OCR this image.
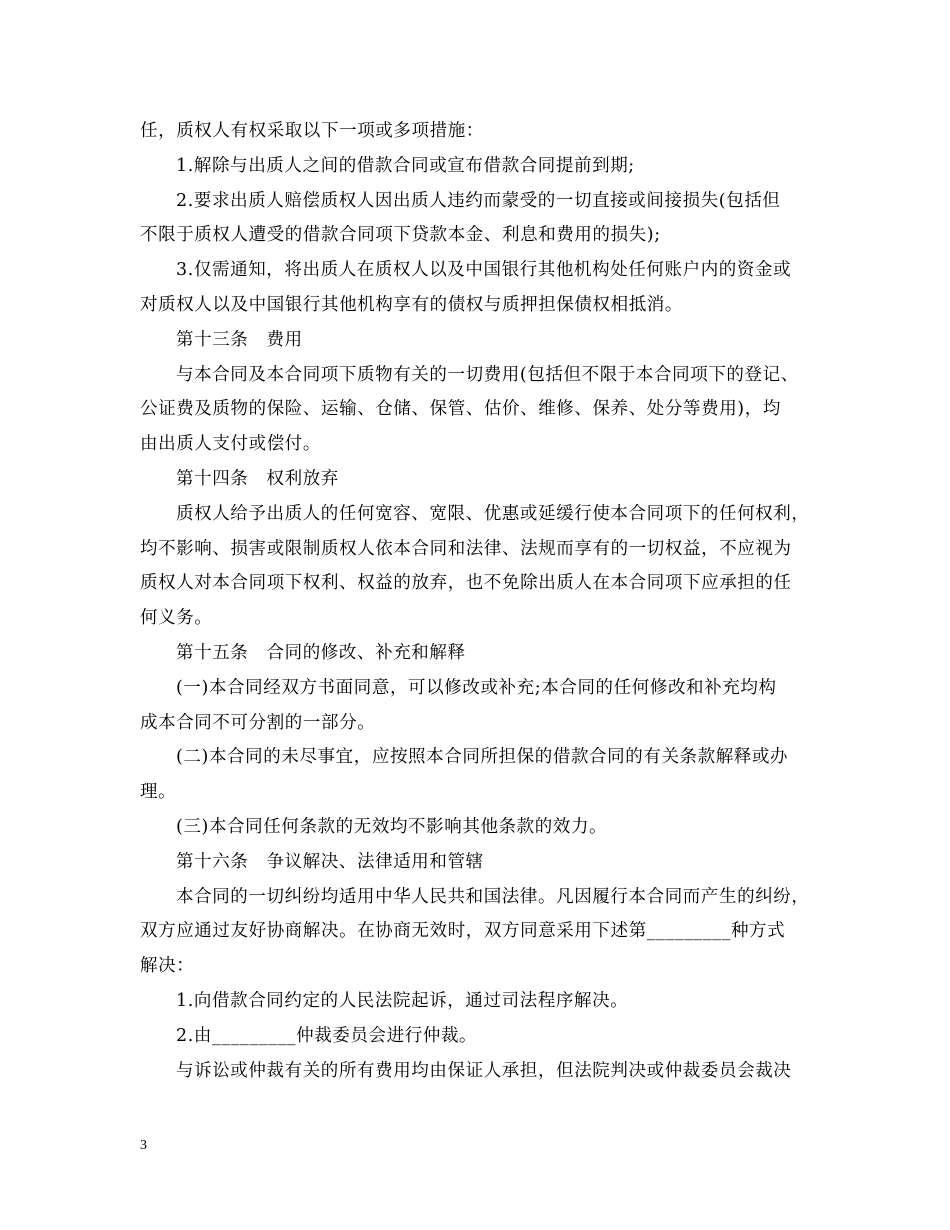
任，质权人有权采取以下一项或多项措施：
1.解除与出质人之间的借款合同或宣布借款合同提前到期;
2.要求出质人赔偿质权人因出质人违约而蒙受的一切直接或间接损失(包括但
不限于质权人遭受的借款合同项下贷款本金、利息和费用的损失);
3.仅需通知，将出质人在质权人以及中国银行其他机构处任何账户内的资金或
对质权人以及中国银行其他机构享有的债权与质押担保债权相抵消。
第十三条　费用
与本合同及本合同项下质物有关的一切费用(包括但不限于本合同项下的登记、
公证费及质物的保险、运输、仓储、保管、估价、维修、保养、处分等费用)，均
由出质人支付或偿付。
第十四条　权利放弃
质权人给予出质人的任何宽容、宽限、优惠或延缓行使本合同项下的任何权利，
均不影响、损害或限制质权人依本合同和法律、法规而享有的一切权益，不应视为
质权人对本合同项下权利、权益的放弃，也不免除出质人在本合同项下应承担的任
何义务。
第十五条　合同的修改、补充和解释
(一)本合同经双方书面同意，可以修改或补充;本合同的任何修改和补充均构
成本合同不可分割的一部分。
(二)本合同的未尽事宜，应按照本合同所担保的借款合同的有关条款解释或办
理。
(三)本合同任何条款的无效均不影响其他条款的效力。
第十六条　争议解决、法律适用和管辖
本合同的一切纠纷均适用中华人民共和国法律。凡因履行本合同而产生的纠纷，
双方应通过友好协商解决。在协商无效时，双方同意采用下述第_________种方式
解决：
1.向借款合同约定的人民法院起诉，通过司法程序解决。
2.由_________仲裁委员会进行仲裁。
与诉讼或仲裁有关的所有费用均由保证人承担，但法院判决或仲裁委员会裁决
3
